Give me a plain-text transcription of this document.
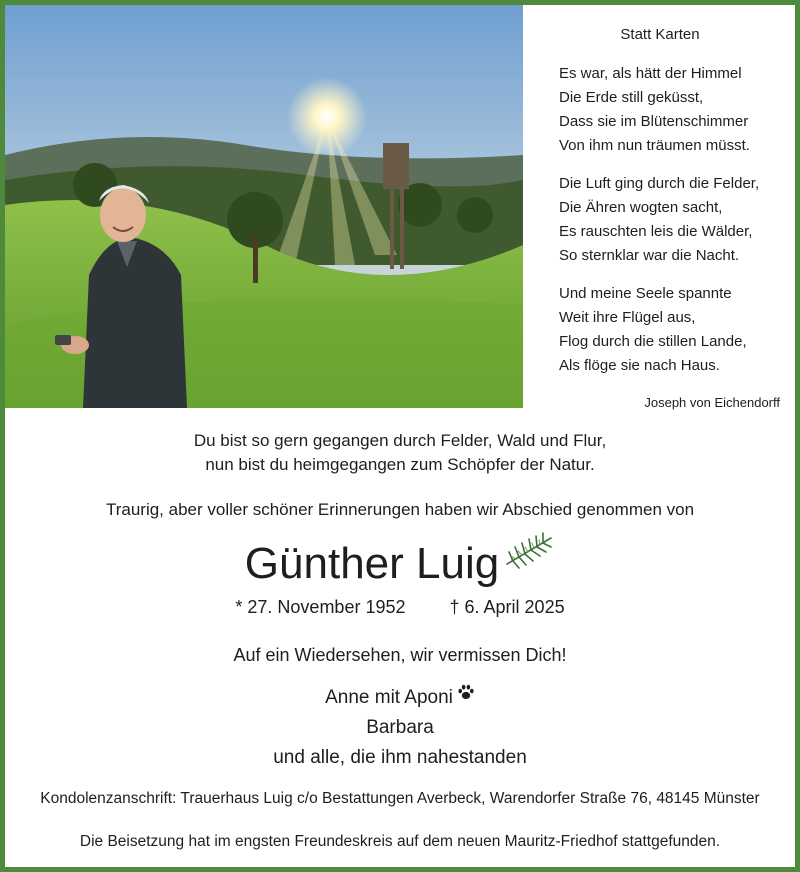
Statt Karten
Es war, als hätt der Himmel
Die Erde still geküsst,
Dass sie im Blütenschimmer
Von ihm nun träumen müsst.
Die Luft ging durch die Felder,
Die Ähren wogten sacht,
Es rauschten leis die Wälder,
So sternklar war die Nacht.
Und meine Seele spannte
Weit ihre Flügel aus,
Flog durch die stillen Lande,
Als flöge sie nach Haus.
Joseph von Eichendorff
Du bist so gern gegangen durch Felder, Wald und Flur,
nun bist du heimgegangen zum Schöpfer der Natur.
Traurig, aber voller schöner Erinnerungen haben wir Abschied genommen von
Günther Luig
* 27. November 1952 † 6. April 2025
Auf ein Wiedersehen, wir vermissen Dich!
Anne mit Aponi
Barbara
und alle, die ihm nahestanden
Kondolenzanschrift: Trauerhaus Luig c/o Bestattungen Averbeck, Warendorfer Straße 76, 48145 Münster
Die Beisetzung hat im engsten Freundeskreis auf dem neuen Mauritz-Friedhof stattgefunden.
